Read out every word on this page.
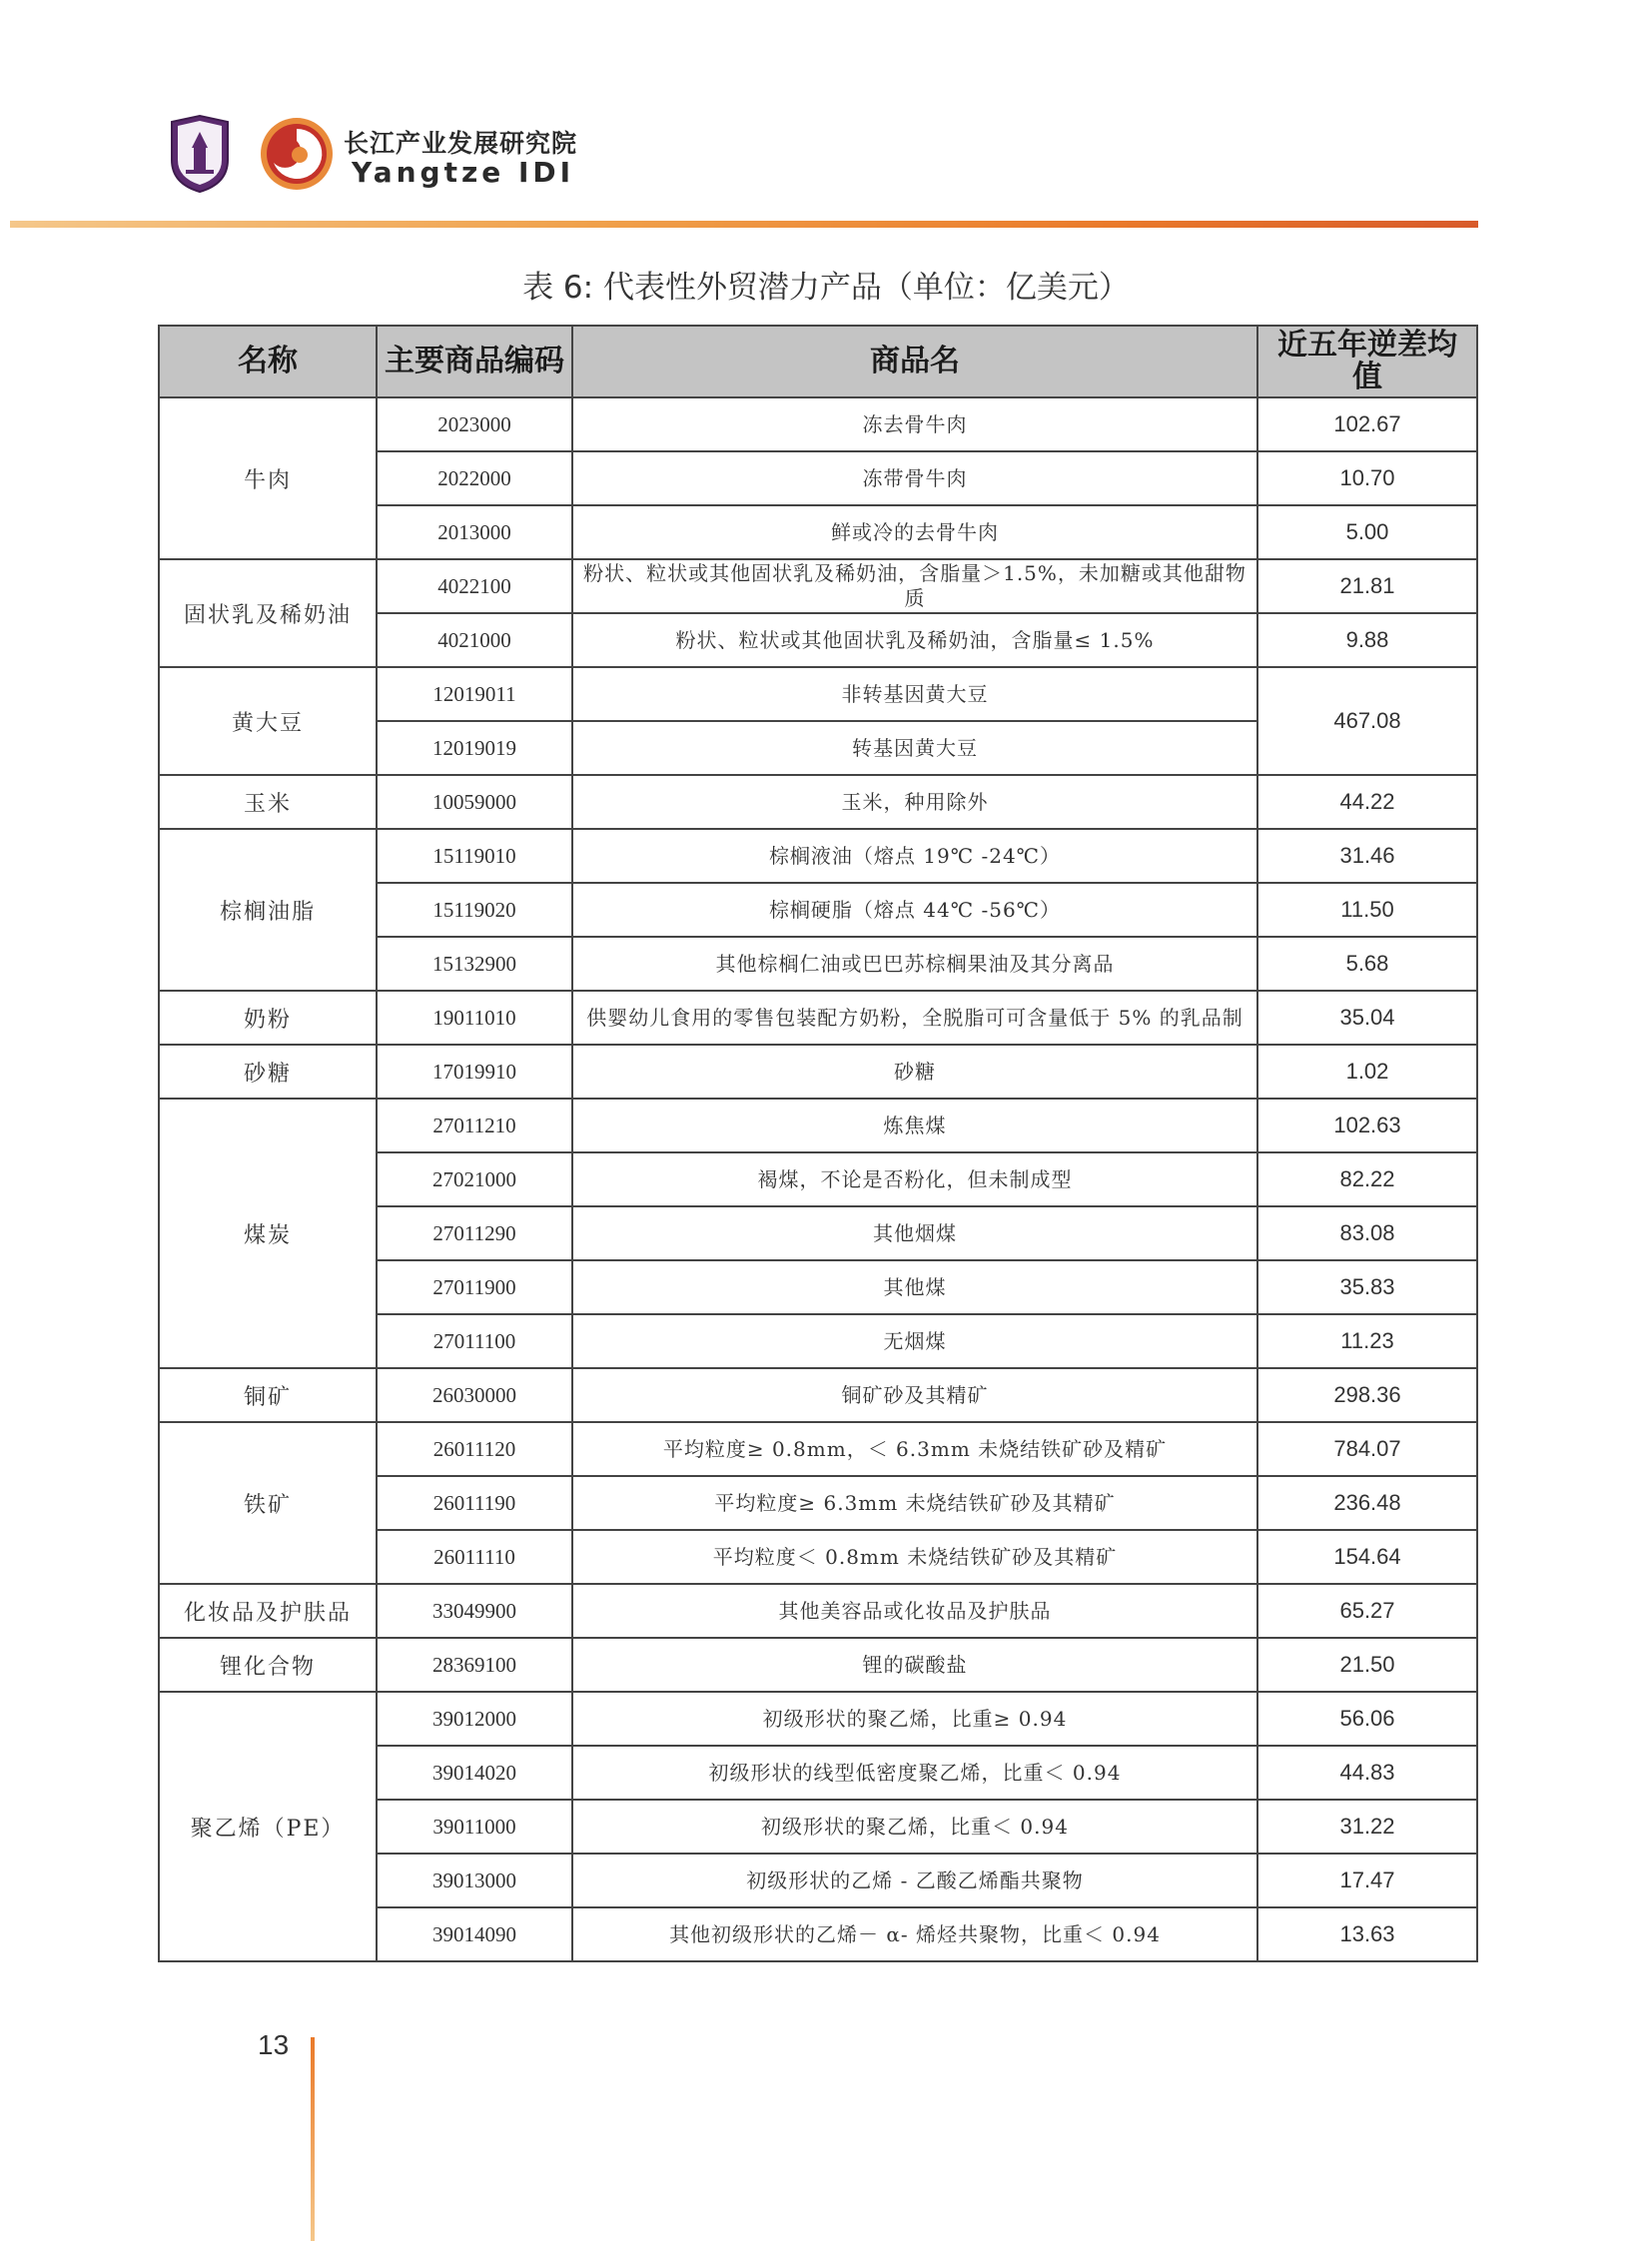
长江产业发展研究院
Yangtze IDI
表 6: 代表性外贸潜力产品（单位：亿美元）
名称	主要商品编码	商品名	近五年逆差均值
牛肉	2023000	冻去骨牛肉	102.67
	2022000	冻带骨牛肉	10.70
	2013000	鲜或冷的去骨牛肉	5.00
固状乳及稀奶油	4022100	粉状、粒状或其他固状乳及稀奶油，含脂量＞1.5%，未加糖或其他甜物质	21.81
	4021000	粉状、粒状或其他固状乳及稀奶油，含脂量≤ 1.5%	9.88
黄大豆	12019011	非转基因黄大豆	467.08
	12019019	转基因黄大豆	
玉米	10059000	玉米，种用除外	44.22
棕榈油脂	15119010	棕榈液油（熔点 19℃ -24℃）	31.46
	15119020	棕榈硬脂（熔点 44℃ -56℃）	11.50
	15132900	其他棕榈仁油或巴巴苏棕榈果油及其分离品	5.68
奶粉	19011010	供婴幼儿食用的零售包装配方奶粉，全脱脂可可含量低于 5% 的乳品制	35.04
砂糖	17019910	砂糖	1.02
煤炭	27011210	炼焦煤	102.63
	27021000	褐煤，不论是否粉化，但未制成型	82.22
	27011290	其他烟煤	83.08
	27011900	其他煤	35.83
	27011100	无烟煤	11.23
铜矿	26030000	铜矿砂及其精矿	298.36
铁矿	26011120	平均粒度≥ 0.8mm，＜ 6.3mm 未烧结铁矿砂及精矿	784.07
	26011190	平均粒度≥ 6.3mm 未烧结铁矿砂及其精矿	236.48
	26011110	平均粒度＜ 0.8mm 未烧结铁矿砂及其精矿	154.64
化妆品及护肤品	33049900	其他美容品或化妆品及护肤品	65.27
锂化合物	28369100	锂的碳酸盐	21.50
聚乙烯（PE）	39012000	初级形状的聚乙烯，比重≥ 0.94	56.06
	39014020	初级形状的线型低密度聚乙烯，比重＜ 0.94	44.83
	39011000	初级形状的聚乙烯，比重＜ 0.94	31.22
	39013000	初级形状的乙烯 - 乙酸乙烯酯共聚物	17.47
	39014090	其他初级形状的乙烯－ α- 烯烃共聚物，比重＜ 0.94	13.63
13
